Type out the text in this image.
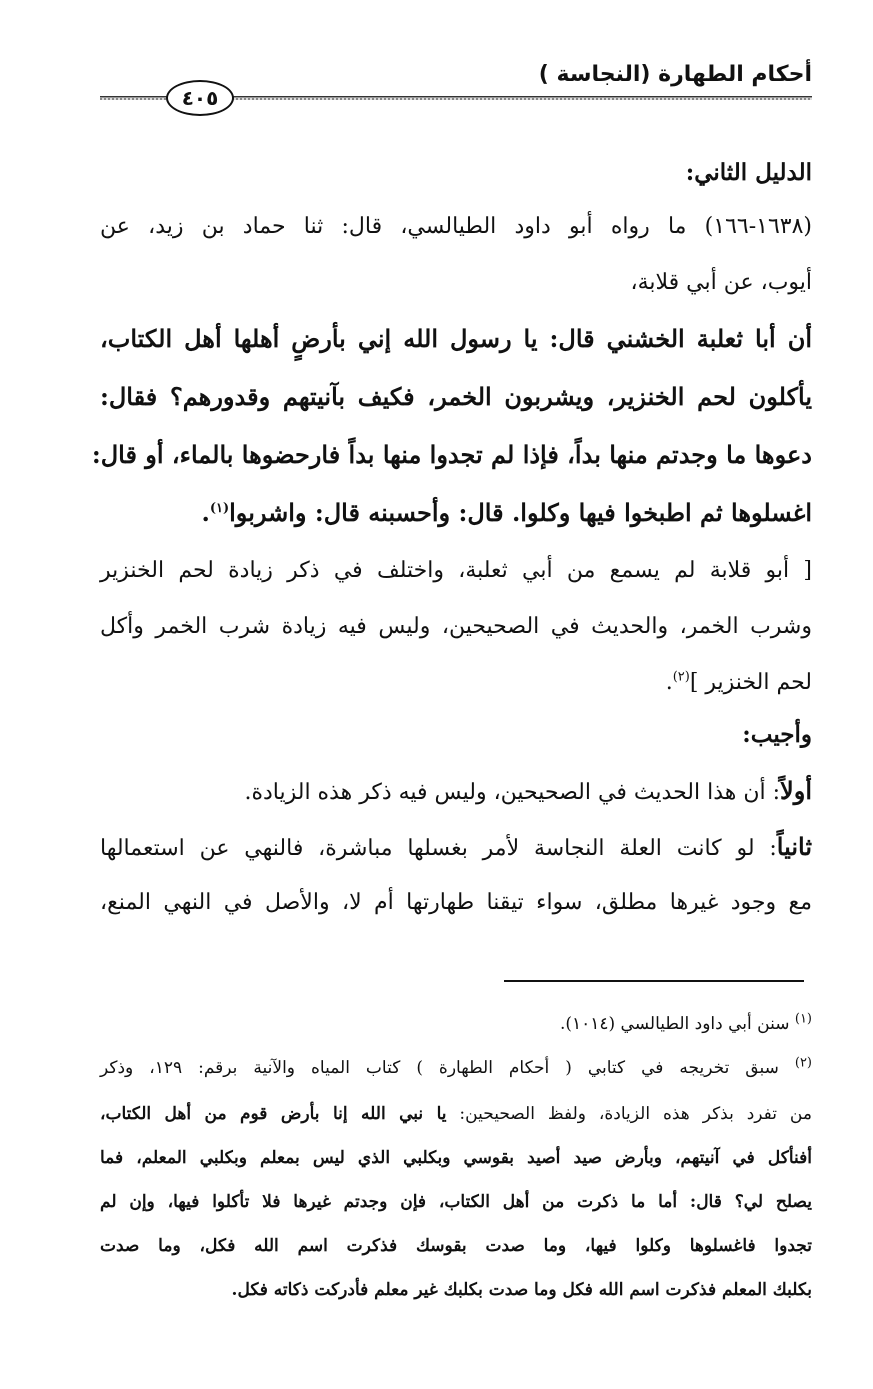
أحكام الطهارة (النجاسة )
٤٠٥

الدليل الثاني:

(١٦٣٨-١٦٦) ما رواه أبو داود الطيالسي، قال: ثنا حماد بن زيد، عن

أيوب، عن أبي قلابة،

أن أبا ثعلبة الخشني قال: يا رسول الله إني بأرضٍ أهلها أهل الكتاب،

يأكلون لحم الخنزير، ويشربون الخمر، فكيف بآنيتهم وقدورهم؟ فقال:

دعوها ما وجدتم منها بداً، فإذا لم تجدوا منها بداً فارحضوها بالماء، أو قال:

اغسلوها ثم اطبخوا فيها وكلوا. قال: وأحسبنه قال: واشربوا$^{(١)}$.

[ أبو قلابة لم يسمع من أبي ثعلبة، واختلف في ذكر زيادة لحم الخنزير

وشرب الخمر، والحديث في الصحيحين، وليس فيه زيادة شرب الخمر وأكل

لحم الخنزير ]$^{(٢)}$.

وأجيب:

أولاً: أن هذا الحديث في الصحيحين، وليس فيه ذكر هذه الزيادة.

ثانياً: لو كانت العلة النجاسة لأمر بغسلها مباشرة، فالنهي عن استعمالها

مع وجود غيرها مطلق، سواء تيقنا طهارتها أم لا، والأصل في النهي المنع،

$^{(١)}$ سنن أبي داود الطيالسي (١٠١٤).

$^{(٢)}$ سبق تخريجه في كتابي ( أحكام الطهارة ) كتاب المياه والآنية برقم: ١٢٩، وذكر

من تفرد بذكر هذه الزيادة، ولفظ الصحيحين: يا نبي الله إنا بأرض قوم من أهل الكتاب،

أفنأكل في آنيتهم، وبأرض صيد أصيد بقوسي وبكلبي الذي ليس بمعلم وبكلبي المعلم، فما

يصلح لي؟ قال: أما ما ذكرت من أهل الكتاب، فإن وجدتم غيرها فلا تأكلوا فيها، وإن لم

تجدوا فاغسلوها وكلوا فيها، وما صدت بقوسك فذكرت اسم الله فكل، وما صدت

بكلبك المعلم فذكرت اسم الله فكل وما صدت بكلبك غير معلم فأدركت ذكاته فكل.
